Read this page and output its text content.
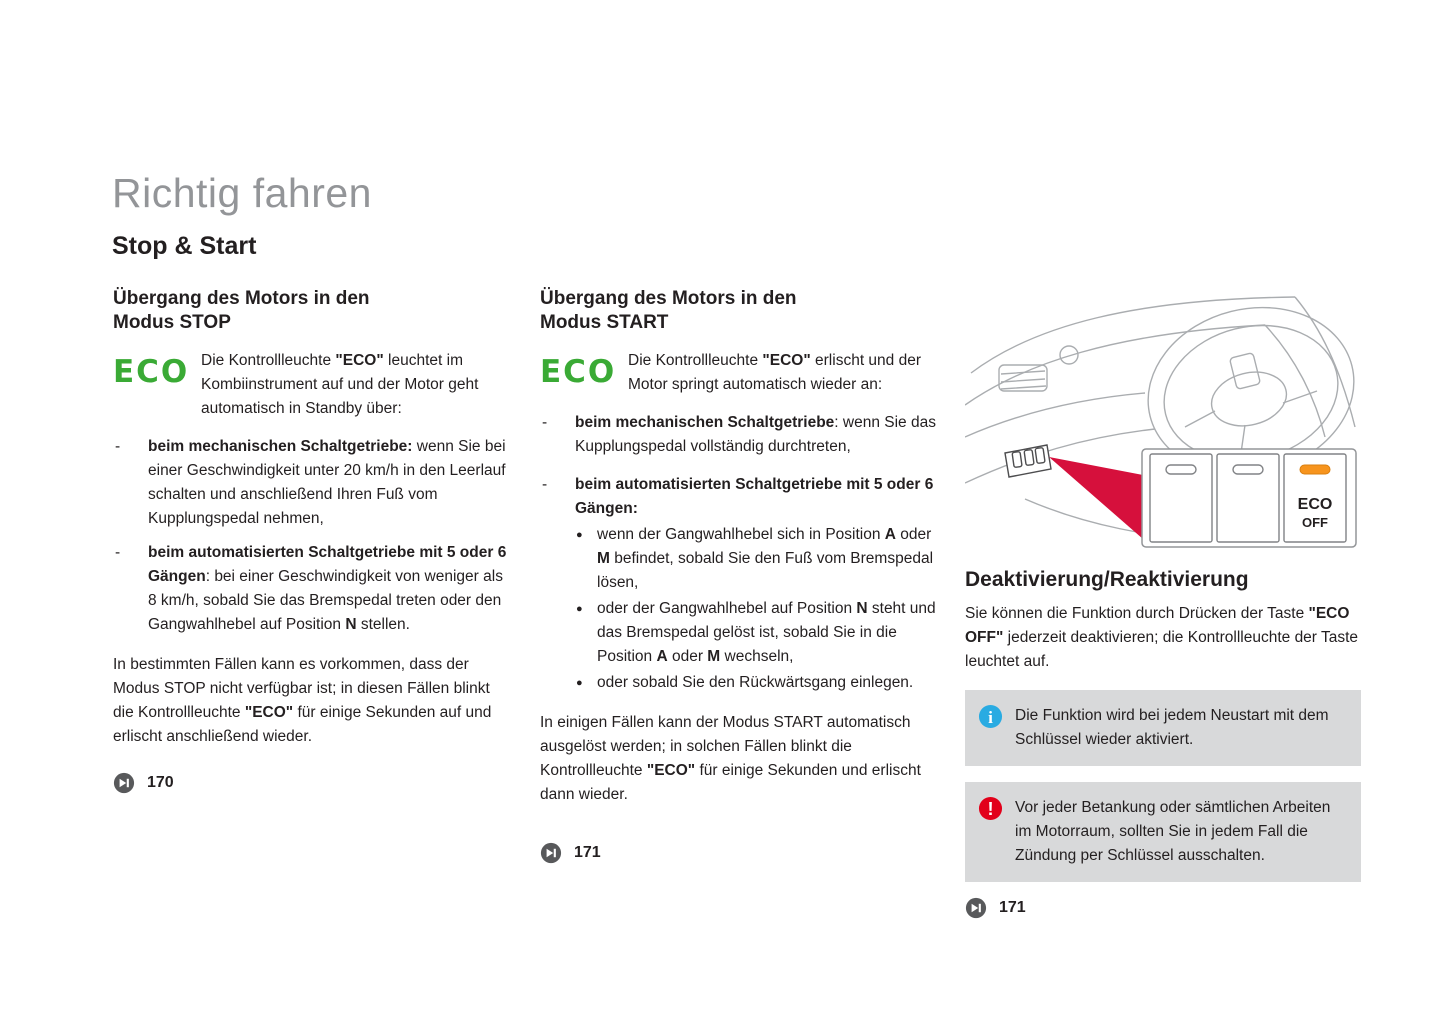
Richtig fahren
Stop & Start
Übergang des Motors in den
Modus STOP
ECO Die Kontrollleuchte "ECO" leuchtet im Kombiinstrument auf und der Motor geht automatisch in Standby über:
- beim mechanischen Schaltgetriebe: wenn Sie bei einer Geschwindigkeit unter 20 km/h in den Leerlauf schalten und anschließend Ihren Fuß vom Kupplungspedal nehmen,
- beim automatisierten Schaltgetriebe mit 5 oder 6 Gängen: bei einer Geschwindigkeit von weniger als 8 km/h, sobald Sie das Bremspedal treten oder den Gangwahlhebel auf Position N stellen.

In bestimmten Fällen kann es vorkommen, dass der Modus STOP nicht verfügbar ist; in diesen Fällen blinkt die Kontrollleuchte "ECO" für einige Sekunden auf und erlischt anschließend wieder.

170
Übergang des Motors in den
Modus START
ECO Die Kontrollleuchte "ECO" erlischt und der Motor springt automatisch wieder an:
- beim mechanischen Schaltgetriebe: wenn Sie das Kupplungspedal vollständig durchtreten,
- beim automatisierten Schaltgetriebe mit 5 oder 6 Gängen:
● wenn der Gangwahlhebel sich in Position A oder M befindet, sobald Sie den Fuß vom Bremspedal lösen,
● oder der Gangwahlhebel auf Position N steht und das Bremspedal gelöst ist, sobald Sie in die Position A oder M wechseln,
● oder sobald Sie den Rückwärtsgang einlegen.

In einigen Fällen kann der Modus START automatisch ausgelöst werden; in solchen Fällen blinkt die Kontrollleuchte "ECO" für einige Sekunden und erlischt dann wieder.

171
ECO
OFF
Deaktivierung/Reaktivierung

Sie können die Funktion durch Drücken der Taste "ECO OFF" jederzeit deaktivieren; die Kontrollleuchte der Taste leuchtet auf.

i Die Funktion wird bei jedem Neustart mit dem Schlüssel wieder aktiviert.
! Vor jeder Betankung oder sämtlichen Arbeiten im Motorraum, sollten Sie in jedem Fall die Zündung per Schlüssel ausschalten.
171
